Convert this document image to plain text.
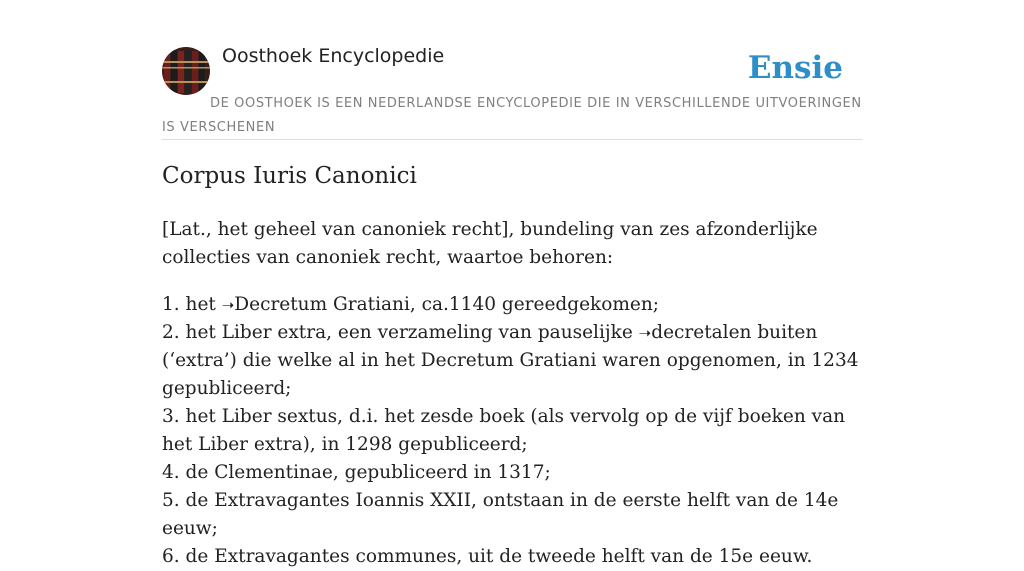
Oosthoek Encyclopedie	Ensie
DE OOSTHOEK IS EEN NEDERLANDSE ENCYCLOPEDIE DIE IN VERSCHILLENDE UITVOERINGEN IS VERSCHENEN
Corpus Iuris Canonici

[Lat., het geheel van canoniek recht], bundeling van zes afzonderlijke collecties van canoniek recht, waartoe behoren:

1. het ➝Decretum Gratiani, ca.1140 gereedgekomen;
2. het Liber extra, een verzameling van pauselijke ➝decretalen buiten (‘extra’) die welke al in het Decretum Gratiani waren opgenomen, in 1234 gepubliceerd;
3. het Liber sextus, d.i. het zesde boek (als vervolg op de vijf boeken van het Liber extra), in 1298 gepubliceerd;
4. de Clementinae, gepubliceerd in 1317;
5. de Extravagantes Ioannis XXII, ontstaan in de eerste helft van de 14e eeuw;
6. de Extravagantes communes, uit de tweede helft van de 15e eeuw.
